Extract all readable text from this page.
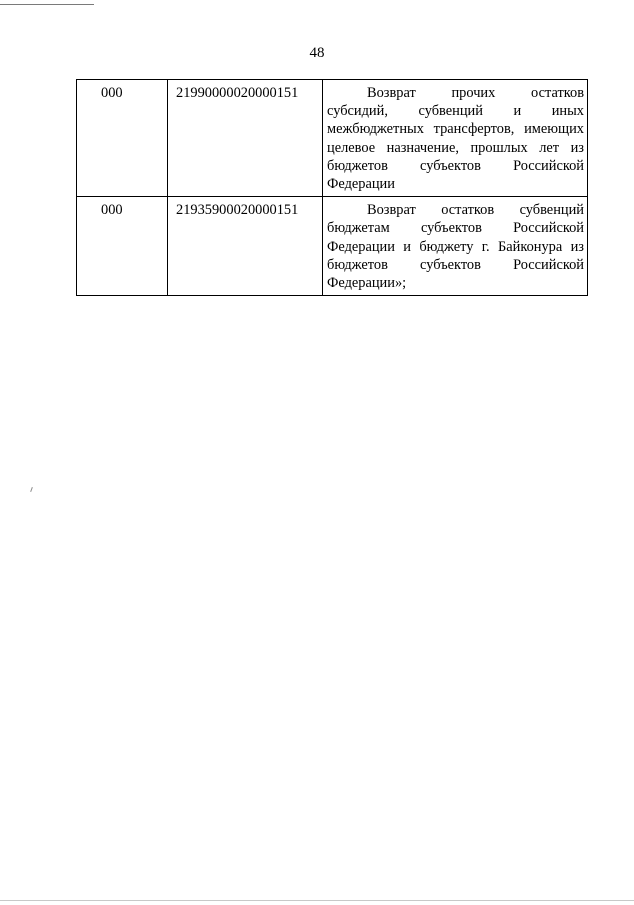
48
000	21990000020000151	Возврат прочих остатков субсидий, субвенций и иных межбюджетных трансфертов, имеющих целевое назначение, прошлых лет из бюджетов субъектов Российской Федерации
000	21935900020000151	Возврат остатков субвенций бюджетам субъектов Российской Федерации и бюджету г. Байконура из бюджетов субъектов Российской Федерации»;
